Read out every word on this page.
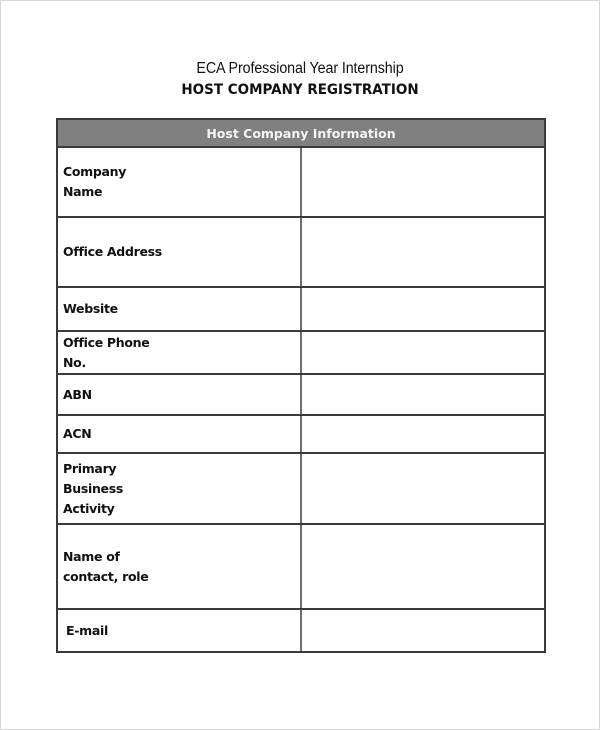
ECA Professional Year Internship
HOST COMPANY REGISTRATION
Host Company Information	

Company Name	

Office Address	

Website	

Office Phone No.	

ABN	

ACN	

Primary Business Activity	

Name of contact, role	

E-mail	
